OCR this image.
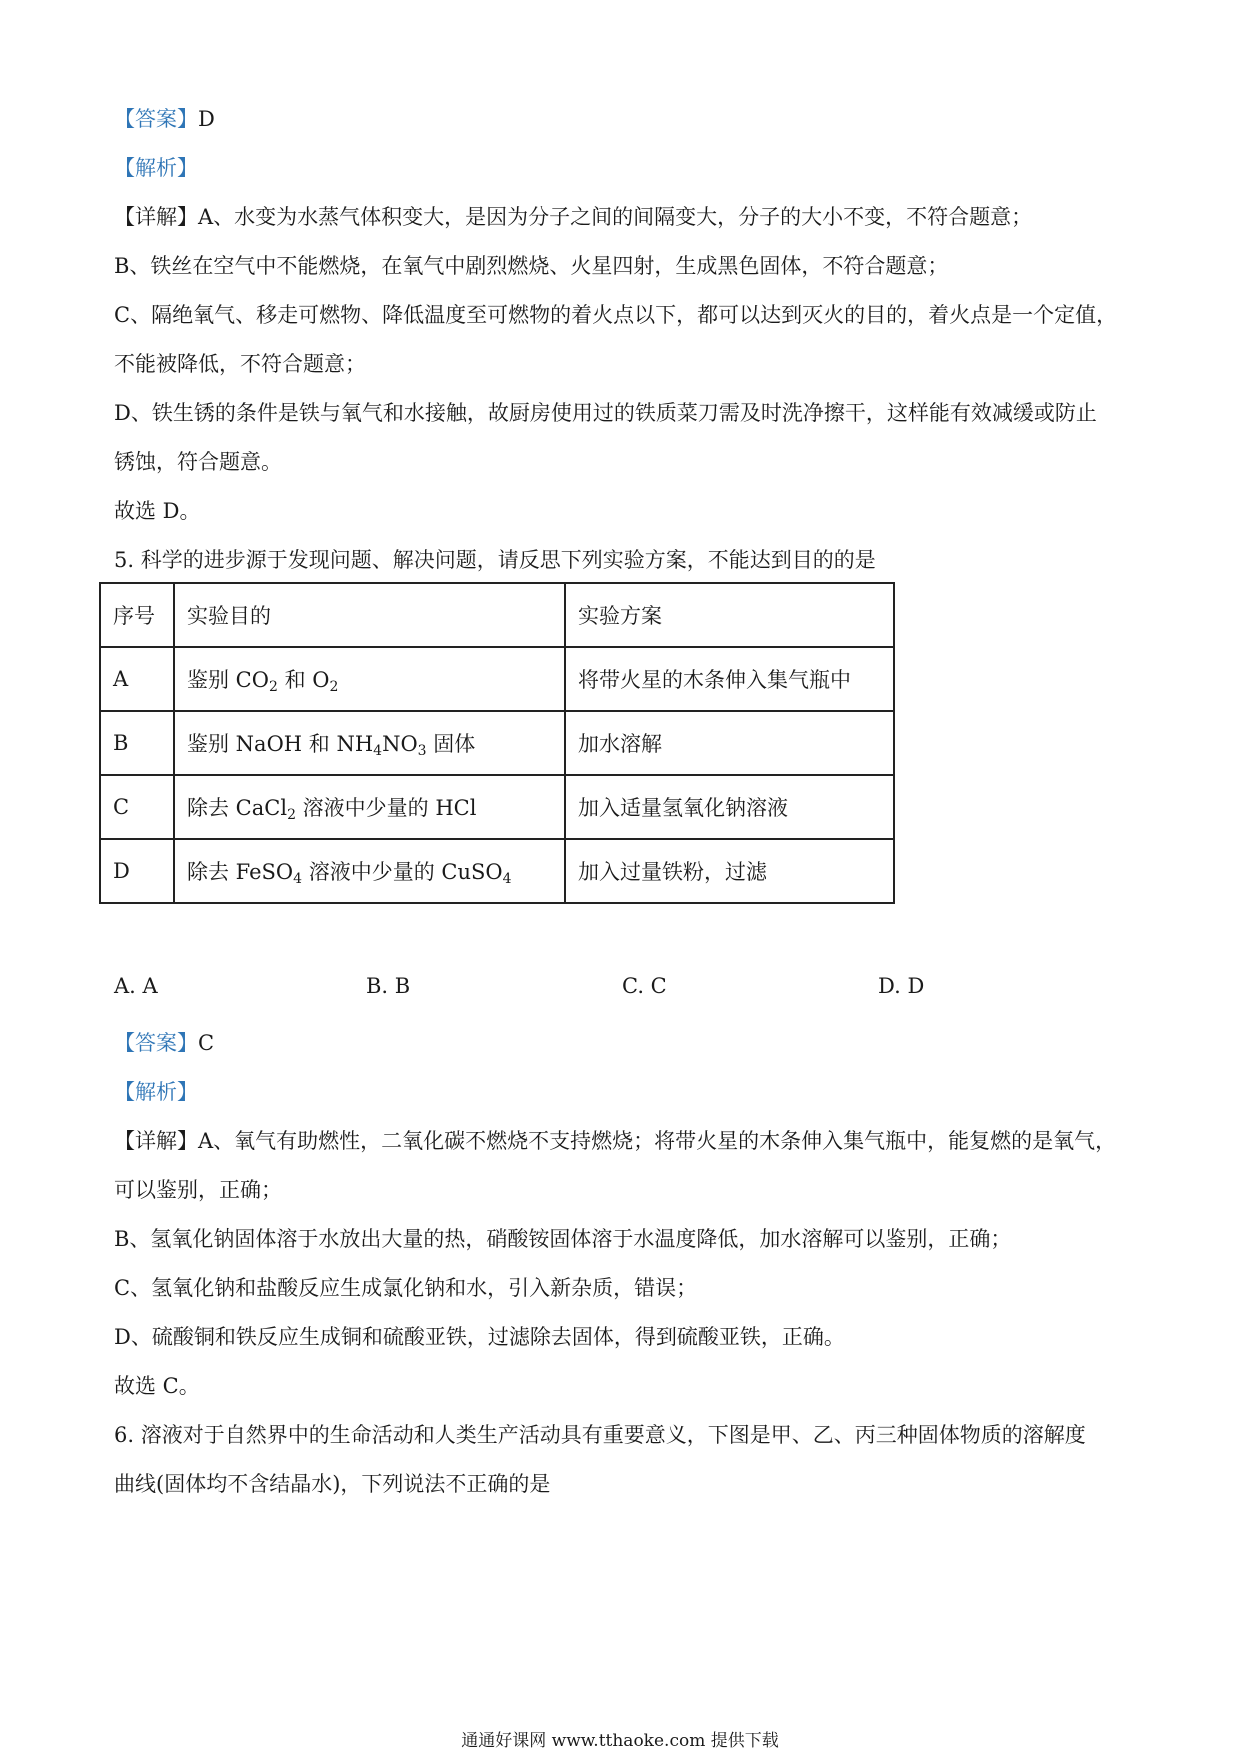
【答案】D
【解析】
【详解】A、水变为水蒸气体积变大，是因为分子之间的间隔变大，分子的大小不变，不符合题意；
B、铁丝在空气中不能燃烧，在氧气中剧烈燃烧、火星四射，生成黑色固体，不符合题意；
C、隔绝氧气、移走可燃物、降低温度至可燃物的着火点以下，都可以达到灭火的目的，着火点是一个定值，
不能被降低，不符合题意；
D、铁生锈的条件是铁与氧气和水接触，故厨房使用过的铁质菜刀需及时洗净擦干，这样能有效减缓或防止
锈蚀，符合题意。
故选 D。
5. 科学的进步源于发现问题、解决问题，请反思下列实验方案，不能达到目的的是
序号	实验目的	实验方案
A	鉴别 $CO_2$ 和 $O_2$	将带火星的木条伸入集气瓶中
B	鉴别 NaOH 和 $NH_4NO_3$ 固体	加水溶解
C	除去 CaCl$_2$ 溶液中少量的 HCl	加入适量氢氧化钠溶液
D	除去 FeSO$_4$ 溶液中少量的 CuSO$_4$	加入过量铁粉，过滤
A. A	B. B	C. C	D. D
【答案】C
【解析】
【详解】A、氧气有助燃性，二氧化碳不燃烧不支持燃烧；将带火星的木条伸入集气瓶中，能复燃的是氧气，
可以鉴别，正确；
B、氢氧化钠固体溶于水放出大量的热，硝酸铵固体溶于水温度降低，加水溶解可以鉴别，正确；
C、氢氧化钠和盐酸反应生成氯化钠和水，引入新杂质，错误；
D、硫酸铜和铁反应生成铜和硫酸亚铁，过滤除去固体，得到硫酸亚铁，正确。
故选 C。
6. 溶液对于自然界中的生命活动和人类生产活动具有重要意义，下图是甲、乙、丙三种固体物质的溶解度
曲线(固体均不含结晶水)，下列说法不正确的是
通通好课网 www.tthaoke.com 提供下载
